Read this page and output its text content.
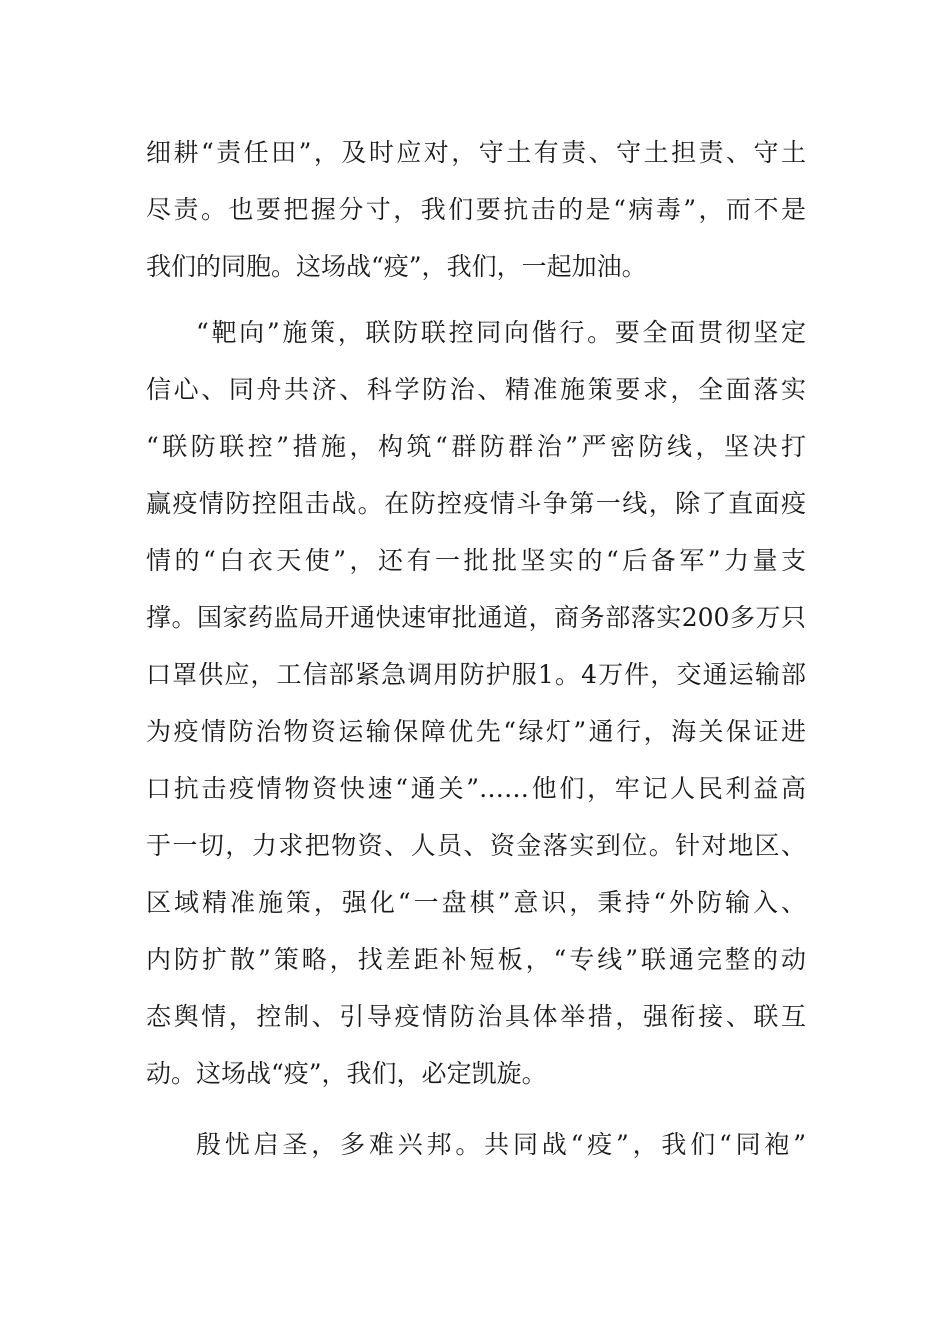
细耕“责任田”，及时应对，守土有责、守土担责、守土
尽责。也要把握分寸，我们要抗击的是“病毒”，而不是
我们的同胞。这场战“疫”，我们，一起加油。
“靶向”施策，联防联控同向偕行。要全面贯彻坚定
信心、同舟共济、科学防治、精准施策要求，全面落实
“联防联控”措施，构筑“群防群治”严密防线，坚决打
赢疫情防控阻击战。在防控疫情斗争第一线，除了直面疫
情的“白衣天使”，还有一批批坚实的“后备军”力量支
撑。国家药监局开通快速审批通道，商务部落实200多万只
口罩供应，工信部紧急调用防护服1。4万件，交通运输部
为疫情防治物资运输保障优先“绿灯”通行，海关保证进
口抗击疫情物资快速“通关”……他们，牢记人民利益高
于一切，力求把物资、人员、资金落实到位。针对地区、
区域精准施策，强化“一盘棋”意识，秉持“外防输入、
内防扩散”策略，找差距补短板，“专线”联通完整的动
态舆情，控制、引导疫情防治具体举措，强衔接、联互
动。这场战“疫”，我们，必定凯旋。
殷忧启圣，多难兴邦。共同战“疫”，我们“同袍”
